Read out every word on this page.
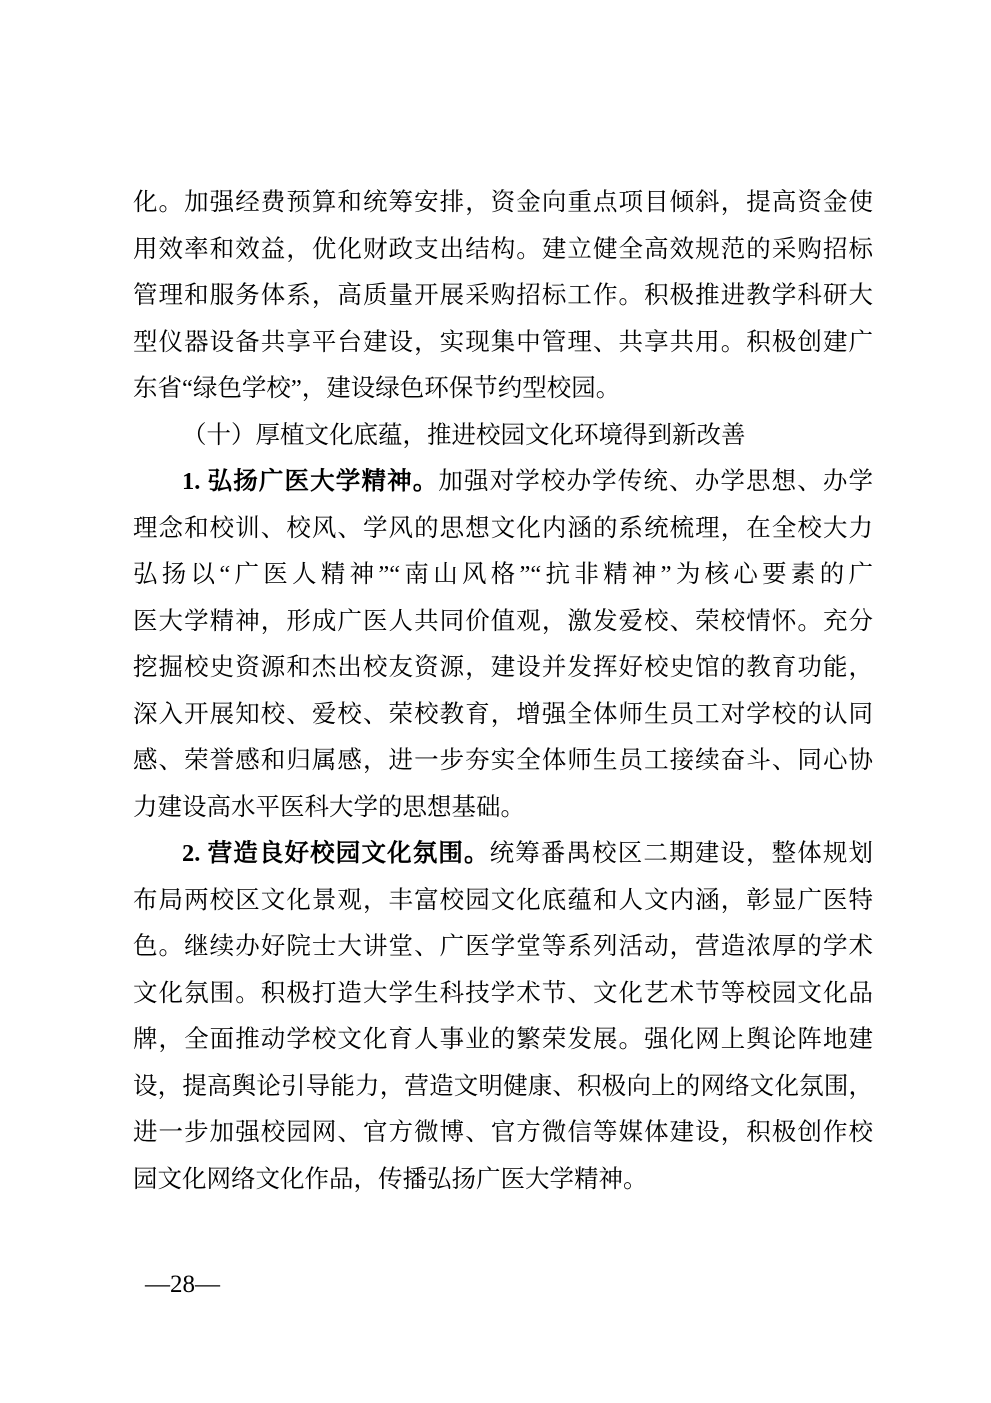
化。加强经费预算和统筹安排，资金向重点项目倾斜，提高资金使
用效率和效益，优化财政支出结构。建立健全高效规范的采购招标
管理和服务体系，高质量开展采购招标工作。积极推进教学科研大
型仪器设备共享平台建设，实现集中管理、共享共用。积极创建广
东省“绿色学校”，建设绿色环保节约型校园。
（十）厚植文化底蕴，推进校园文化环境得到新改善
1. 弘扬广医大学精神。加强对学校办学传统、办学思想、办学
理念和校训、校风、学风的思想文化内涵的系统梳理，在全校大力
弘扬以“广医人精神”“南山风格”“抗非精神”为核心要素的广
医大学精神，形成广医人共同价值观，激发爱校、荣校情怀。充分
挖掘校史资源和杰出校友资源，建设并发挥好校史馆的教育功能，
深入开展知校、爱校、荣校教育，增强全体师生员工对学校的认同
感、荣誉感和归属感，进一步夯实全体师生员工接续奋斗、同心协
力建设高水平医科大学的思想基础。
2. 营造良好校园文化氛围。统筹番禺校区二期建设，整体规划
布局两校区文化景观，丰富校园文化底蕴和人文内涵，彰显广医特
色。继续办好院士大讲堂、广医学堂等系列活动，营造浓厚的学术
文化氛围。积极打造大学生科技学术节、文化艺术节等校园文化品
牌，全面推动学校文化育人事业的繁荣发展。强化网上舆论阵地建
设，提高舆论引导能力，营造文明健康、积极向上的网络文化氛围，
进一步加强校园网、官方微博、官方微信等媒体建设，积极创作校
园文化网络文化作品，传播弘扬广医大学精神。
—28—
